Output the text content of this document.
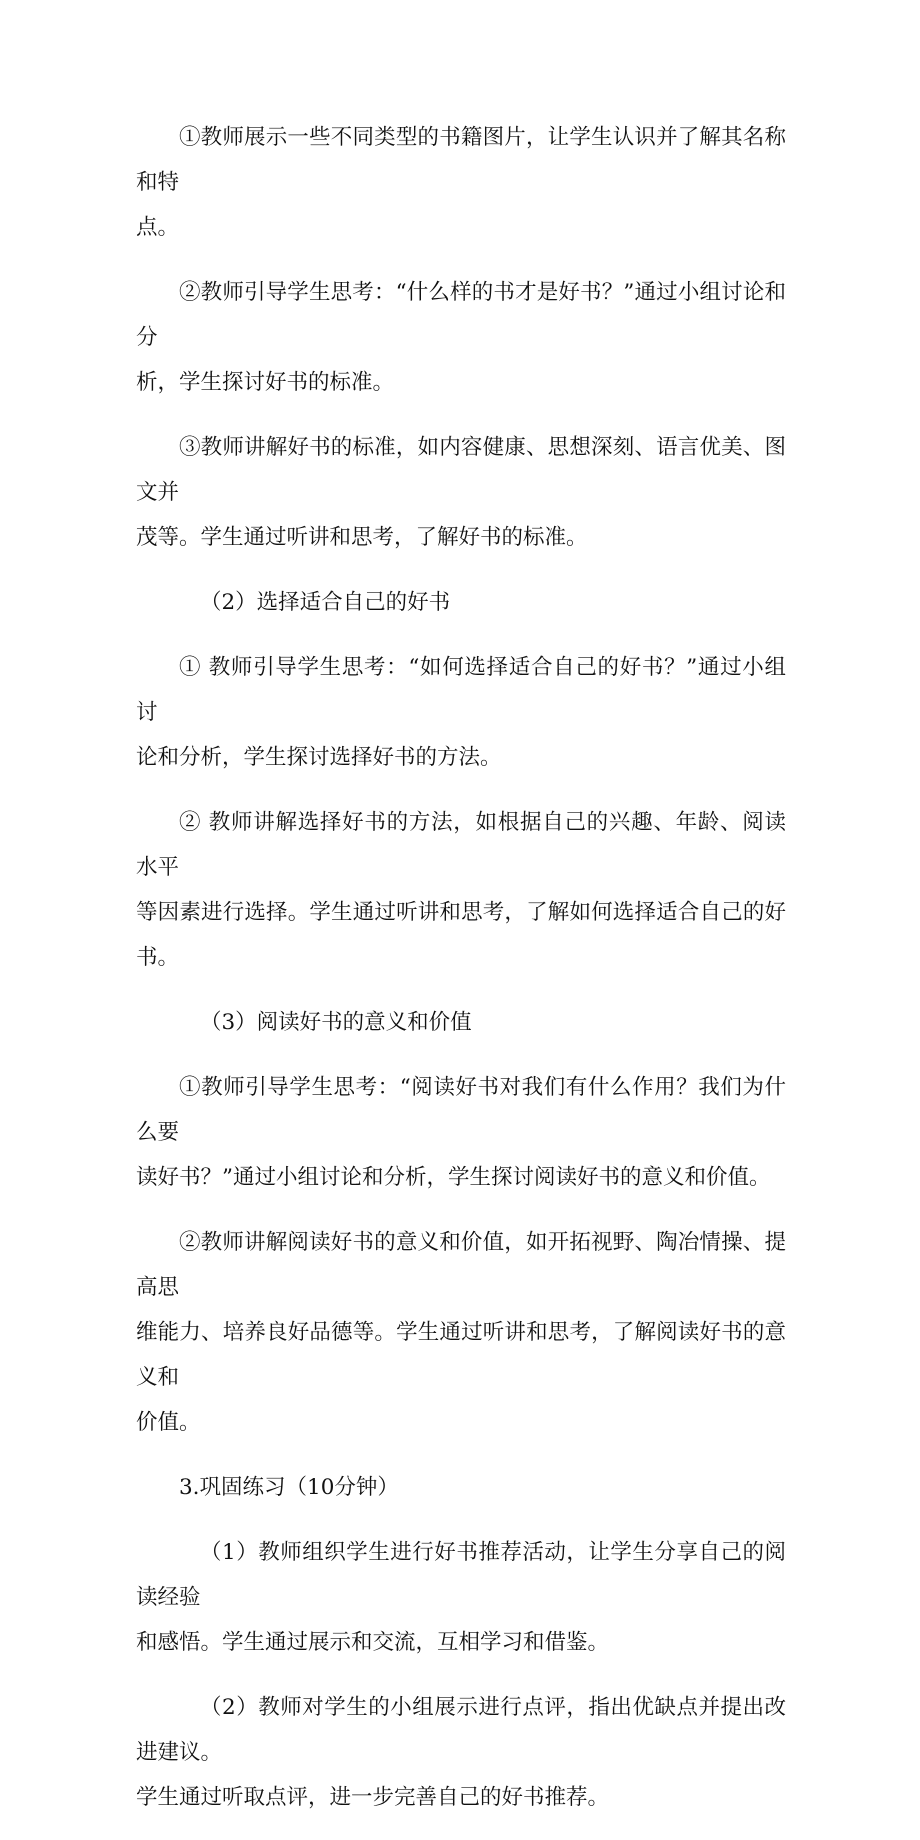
①教师展示一些不同类型的书籍图片，让学生认识并了解其名称和特
点。

②教师引导学生思考：“什么样的书才是好书？”通过小组讨论和分
析，学生探讨好书的标准。

③教师讲解好书的标准，如内容健康、思想深刻、语言优美、图文并
茂等。学生通过听讲和思考，了解好书的标准。

（2）选择适合自己的好书

① 教师引导学生思考：“如何选择适合自己的好书？”通过小组讨
论和分析，学生探讨选择好书的方法。

② 教师讲解选择好书的方法，如根据自己的兴趣、年龄、阅读水平
等因素进行选择。学生通过听讲和思考，了解如何选择适合自己的好书。

（3）阅读好书的意义和价值

①教师引导学生思考：“阅读好书对我们有什么作用？我们为什么要
读好书？”通过小组讨论和分析，学生探讨阅读好书的意义和价值。

②教师讲解阅读好书的意义和价值，如开拓视野、陶冶情操、提高思
维能力、培养良好品德等。学生通过听讲和思考，了解阅读好书的意义和
价值。

3.巩固练习（10分钟）

（1）教师组织学生进行好书推荐活动，让学生分享自己的阅读经验
和感悟。学生通过展示和交流，互相学习和借鉴。

（2）教师对学生的小组展示进行点评，指出优缺点并提出改进建议。
学生通过听取点评，进一步完善自己的好书推荐。
